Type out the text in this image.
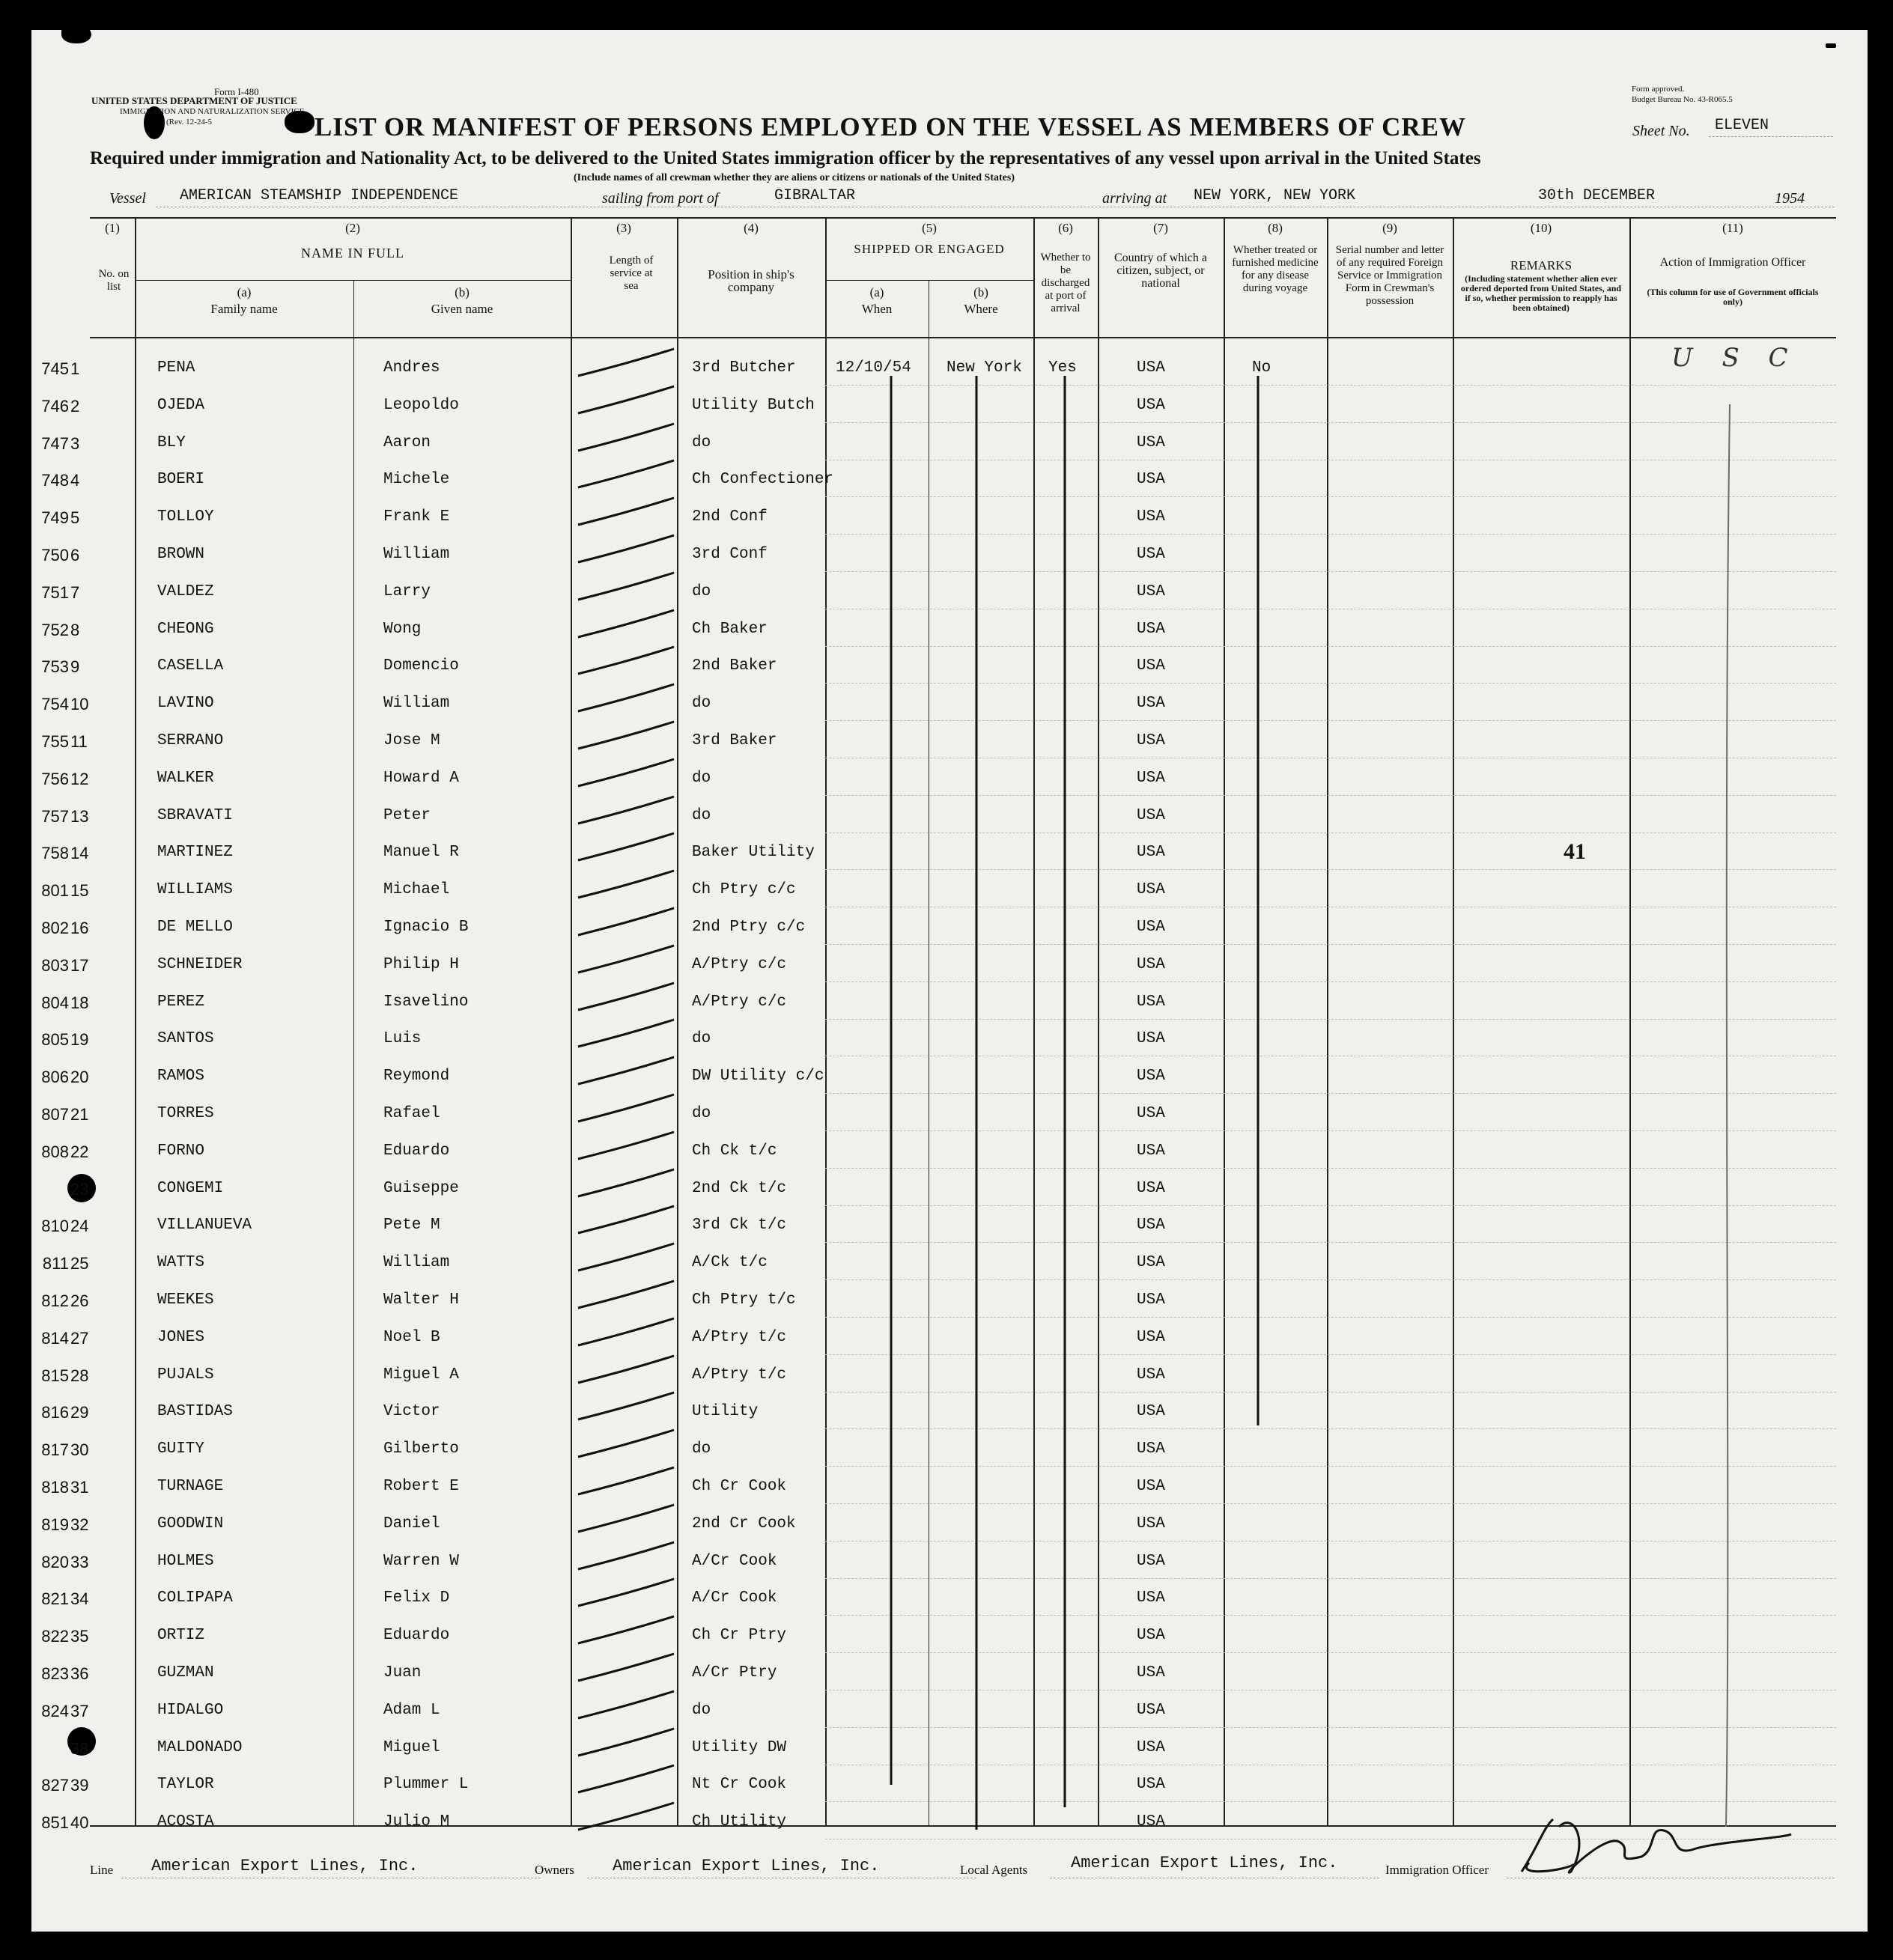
Form I-480
UNITED STATES DEPARTMENT OF JUSTICE
IMMIGRATION AND NATURALIZATION SERVICE
(Rev. 12-24-5
Form approved.
Budget Bureau No. 43-R065.5
LIST OR MANIFEST OF PERSONS EMPLOYED ON THE VESSEL AS MEMBERS OF CREW	Sheet No. ELEVEN
Required under immigration and Nationality Act, to be delivered to the United States immigration officer by the representatives of any vessel upon arrival in the United States
(Include names of all crewman whether they are aliens or citizens or nationals of the United States)
Vessel AMERICAN STEAMSHIP INDEPENDENCE	sailing from port of	GIBRALTAR	arriving at NEW YORK, NEW YORK	30th DECEMBER	1954
(1)
No. on list
(2)
NAME IN FULL
(a)
Family name
(b)
Given name
(3)
Length of service at sea
(4)
Position in ship's company
(5)
SHIPPED OR ENGAGED
(a)
When
(b)
Where
(6)
Whether to be discharged at port of arrival
(7)
Country of which a citizen, subject, or national
(8)
Whether treated or furnished medicine for any disease during voyage
(9)
Serial number and letter of any required Foreign Service or Immigration Form in Crewman's possession
(10)
REMARKS
(Including statement whether alien ever ordered deported from United States, and if so, whether permission to reapply has been obtained)
(11)
Action of Immigration Officer
(This column for use of Government officials only)
745 1	PENA	Andres	3rd Butcher	12/10/54 New York Yes	USA	No
746 2	OJEDA	Leopoldo	Utility Butch	USA
747 3	BLY	Aaron	do	USA
748 4	BOERI	Michele	Ch Confectioner	USA
749 5	TOLLOY	Frank E	2nd Conf	USA
750 6	BROWN	William	3rd Conf	USA
751 7	VALDEZ	Larry	do	USA
752 8	CHEONG	Wong	Ch Baker	USA
753 9	CASELLA	Domencio	2nd Baker	USA
754 10	LAVINO	William	do	USA
755 11	SERRANO	Jose M	3rd Baker	USA
756 12	WALKER	Howard A	do	USA
757 13	SBRAVATI	Peter	do	USA
758 14	MARTINEZ	Manuel R	Baker Utility	USA	41
801 15	WILLIAMS	Michael	Ch Ptry c/c	USA
802 16	DE MELLO	Ignacio B	2nd Ptry c/c	USA
803 17	SCHNEIDER	Philip H	A/Ptry c/c	USA
804 18	PEREZ	Isavelino	A/Ptry c/c	USA
805 19	SANTOS	Luis	do	USA
806 20	RAMOS	Reymond	DW Utility c/c	USA
807 21	TORRES	Rafael	do	USA
808 22	FORNO	Eduardo	Ch Ck t/c	USA
23	CONGEMI	Guiseppe	2nd Ck t/c	USA
810 24	VILLANUEVA	Pete M	3rd Ck t/c	USA
811 25	WATTS	William	A/Ck t/c	USA
812 26	WEEKES	Walter H	Ch Ptry t/c	USA
814 27	JONES	Noel B	A/Ptry t/c	USA
815 28	PUJALS	Miguel A	A/Ptry t/c	USA
816 29	BASTIDAS	Victor	Utility	USA
817 30	GUITY	Gilberto	do	USA
818 31	TURNAGE	Robert E	Ch Cr Cook	USA
819 32	GOODWIN	Daniel	2nd Cr Cook	USA
820 33	HOLMES	Warren W	A/Cr Cook	USA
821 34	COLIPAPA	Felix D	A/Cr Cook	USA
822 35	ORTIZ	Eduardo	Ch Cr Ptry	USA
823 36	GUZMAN	Juan	A/Cr Ptry	USA
824 37	HIDALGO	Adam L	do	USA
38	MALDONADO	Miguel	Utility DW	USA
827 39	TAYLOR	Plummer L	Nt Cr Cook	USA
851 40	ACOSTA	Julio M	Ch Utility	USA
U S C
Line American Export Lines, Inc.	Owners American Export Lines, Inc.	Local Agents	American Export Lines, Inc.	Immigration Officer
